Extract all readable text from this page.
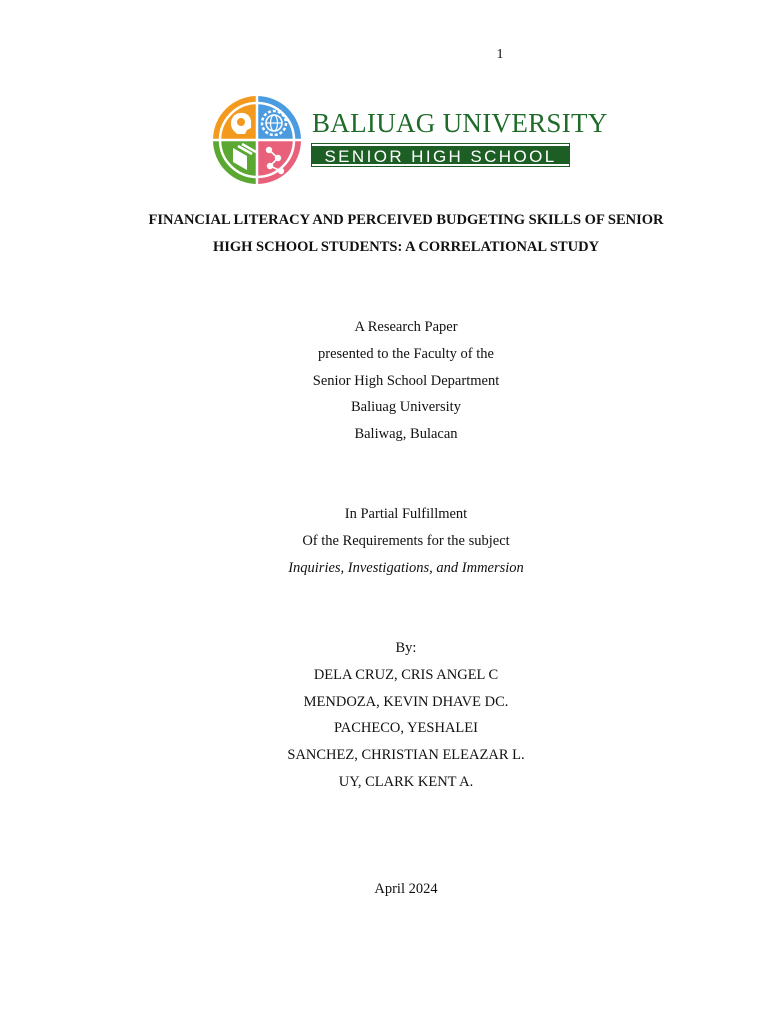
1
BALIUAG UNIVERSITY
SENIOR HIGH SCHOOL
FINANCIAL LITERACY AND PERCEIVED BUDGETING SKILLS OF SENIOR
HIGH SCHOOL STUDENTS: A CORRELATIONAL STUDY
A Research Paper
presented to the Faculty of the
Senior High School Department
Baliuag University
Baliwag, Bulacan
In Partial Fulfillment
Of the Requirements for the subject
Inquiries, Investigations, and Immersion
By:
DELA CRUZ, CRIS ANGEL C
MENDOZA, KEVIN DHAVE DC.
PACHECO, YESHALEI
SANCHEZ, CHRISTIAN ELEAZAR L.
UY, CLARK KENT A.
April 2024
